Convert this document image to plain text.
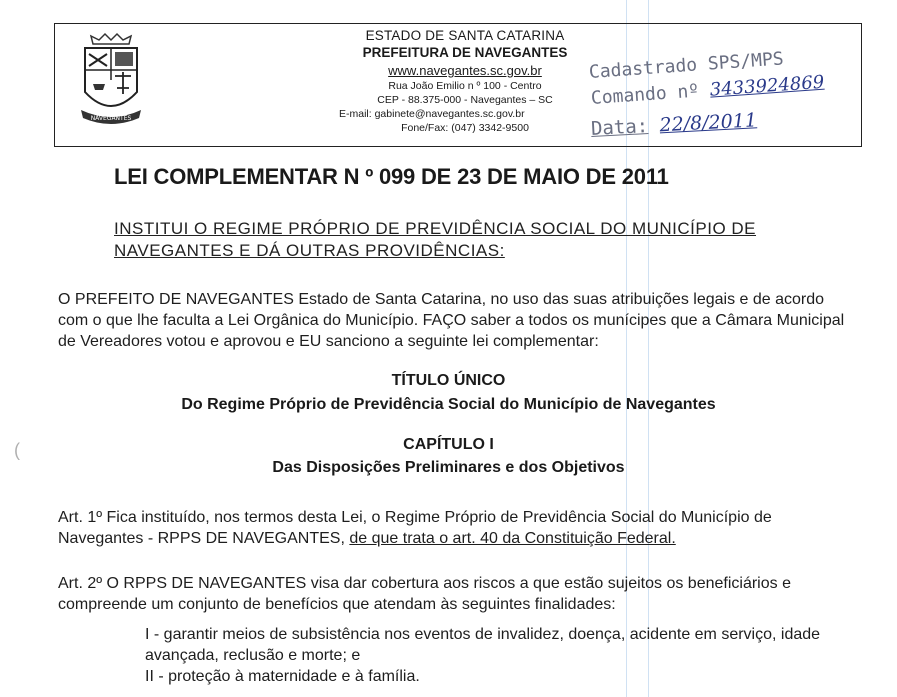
(
NAVEGANTES
ESTADO DE SANTA CATARINA
PREFEITURA DE NAVEGANTES
www.navegantes.sc.gov.br
Rua João Emilio n º 100 - Centro
CEP - 88.375-000 - Navegantes – SC
E-mail: gabinete@navegantes.sc.gov.br
Fone/Fax: (047) 3342-9500
Cadastrado SPS/MPS
Comando nº 3433924869
Data: 22/8/2011
LEI COMPLEMENTAR N º 099 DE 23 DE MAIO DE 2011
INSTITUI O REGIME PRÓPRIO DE PREVIDÊNCIA SOCIAL DO MUNICÍPIO DE NAVEGANTES E DÁ OUTRAS PROVIDÊNCIAS:
O PREFEITO DE NAVEGANTES Estado de Santa Catarina, no uso das suas atribuições legais e de acordo com o que lhe faculta a Lei Orgânica do Município. FAÇO saber a todos os munícipes que a Câmara Municipal de Vereadores votou e aprovou e EU sanciono a seguinte lei complementar:
TÍTULO ÚNICO
Do Regime Próprio de Previdência Social do Município de Navegantes
CAPÍTULO I
Das Disposições Preliminares e dos Objetivos
Art. 1º Fica instituído, nos termos desta Lei, o Regime Próprio de Previdência Social do Município de Navegantes - RPPS DE NAVEGANTES, de que trata o art. 40 da Constituição Federal.
Art. 2º O RPPS DE NAVEGANTES visa dar cobertura aos riscos a que estão sujeitos os beneficiários e compreende um conjunto de benefícios que atendam às seguintes finalidades:
I - garantir meios de subsistência nos eventos de invalidez, doença, acidente em serviço, idade avançada, reclusão e morte; e
II - proteção à maternidade e à família.
